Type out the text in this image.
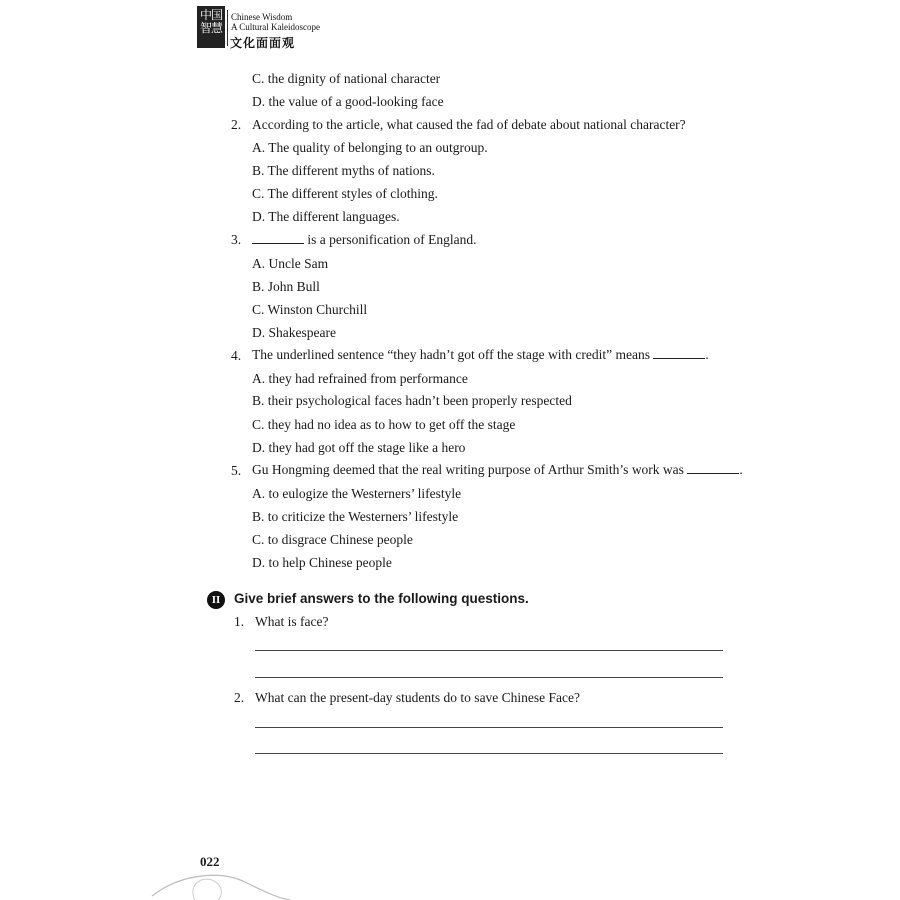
中国智慧
Chinese Wisdom
A Cultural Kaleidoscope
文化面面观
C. the dignity of national character
D. the value of a good-looking face
2. According to the article, what caused the fad of debate about national character?
A. The quality of belonging to an outgroup.
B. The different myths of nations.
C. The different styles of clothing.
D. The different languages.
3.	is a personification of England.
A. Uncle Sam
B. John Bull
C. Winston Churchill
D. Shakespeare
4. The underlined sentence “they hadn’t got off the stage with credit” means	.
A. they had refrained from performance
B. their psychological faces hadn’t been properly respected
C. they had no idea as to how to get off the stage
D. they had got off the stage like a hero
5. Gu Hongming deemed that the real writing purpose of Arthur Smith’s work was	.
A. to eulogize the Westerners’ lifestyle
B. to criticize the Westerners’ lifestyle
C. to disgrace Chinese people
D. to help Chinese people
II	Give brief answers to the following questions.
1. What is face?
2. What can the present-day students do to save Chinese Face?
022
